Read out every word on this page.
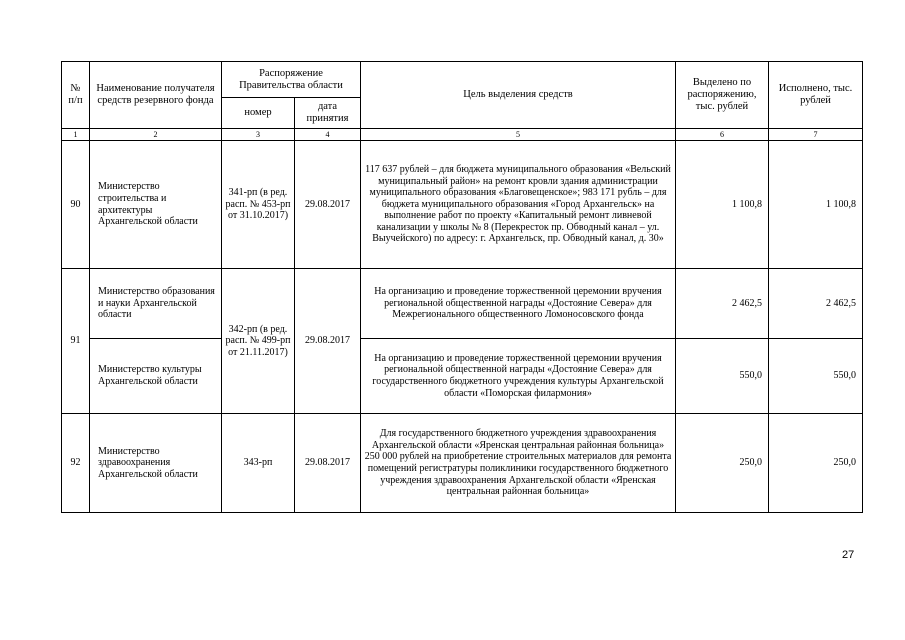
№ п/п	Наименование получателя средств резервного фонда	Распоряжение Правительства области		Цель выделения средств	Выделено по распоряжению, тыс. рублей	Исполнено, тыс. рублей
		номер	дата принятия			
1	2	3	4	5	6	7
90	Министерство строительства и архитектуры Архангельской области	341-рп (в ред. расп. № 453-рп от 31.10.2017)	29.08.2017	117 637 рублей – для бюджета муниципального образования «Вельский муниципальный район» на ремонт кровли здания администрации муниципального образования «Благовещенское»; 983 171 рубль – для бюджета муниципального образования «Город Архангельск» на выполнение работ по проекту «Капитальный ремонт ливневой канализации у школы № 8 (Перекресток пр. Обводный канал – ул. Выучейского) по адресу: г. Архангельск, пр. Обводный канал, д. 30»	1 100,8	1 100,8
91	Министерство образования и науки Архангельской области	342-рп (в ред. расп. № 499-рп от 21.11.2017)	29.08.2017	На организацию и проведение торжественной церемонии вручения региональной общественной награды «Достояние Севера» для Межрегионального общественного Ломоносовского фонда	2 462,5	2 462,5
	Министерство культуры Архангельской области			На организацию и проведение торжественной церемонии вручения региональной общественной награды «Достояние Севера» для государственного бюджетного учреждения культуры Архангельской области «Поморская филармония»	550,0	550,0
92	Министерство здравоохранения Архангельской области	343-рп	29.08.2017	Для государственного бюджетного учреждения здравоохранения Архангельской области «Яренская центральная районная больница» 250 000 рублей на приобретение строительных материалов для ремонта помещений регистратуры поликлиники государственного бюджетного учреждения здравоохранения Архангельской области «Яренская центральная районная больница»	250,0	250,0
27
